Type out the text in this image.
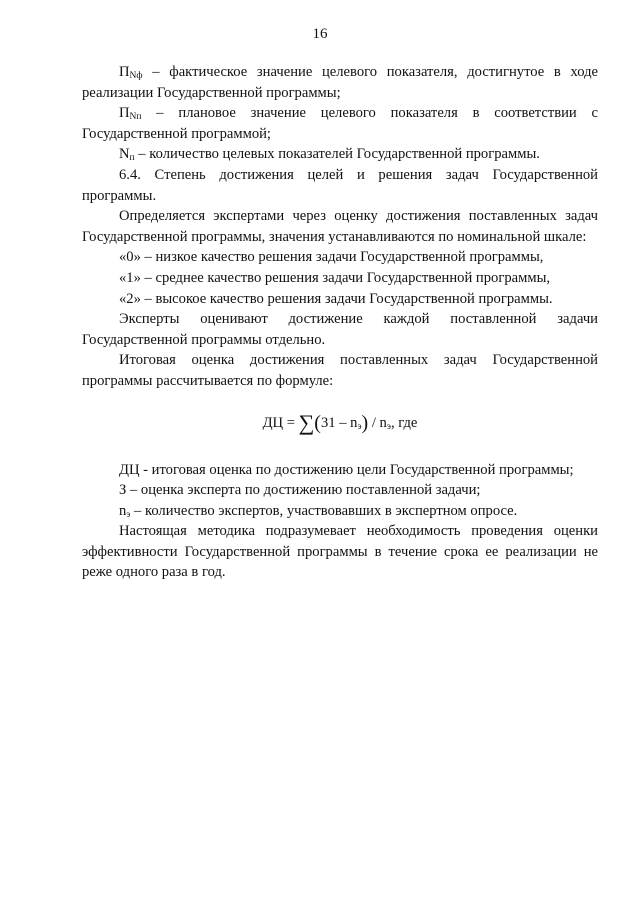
16

$П_{Nф}$ – фактическое значение целевого показателя, достигнутое в ходе реализации Государственной программы;

$П_{Nп}$ – плановое значение целевого показателя в соответствии с Государственной программой;

$N_п$ – количество целевых показателей Государственной программы.

6.4. Степень достижения целей и решения задач Государственной программы.

Определяется экспертами через оценку достижения поставленных задач Государственной программы, значения устанавливаются по номинальной шкале:

«0» – низкое качество решения задачи Государственной программы,

«1» – среднее качество решения задачи Государственной программы,

«2» – высокое качество решения задачи Государственной программы.

Эксперты оценивают достижение каждой поставленной задачи Государственной программы отдельно.

Итоговая оценка достижения поставленных задач Государственной программы рассчитывается по формуле:

ДЦ = $\sum(31 - n_э) / n_э$, где

ДЦ - итоговая оценка по достижению цели Государственной программы;

З – оценка эксперта по достижению поставленной задачи;

$n_э$ – количество экспертов, участвовавших в экспертном опросе.

Настоящая методика подразумевает необходимость проведения оценки эффективности Государственной программы в течение срока ее реализации не реже одного раза в год.
